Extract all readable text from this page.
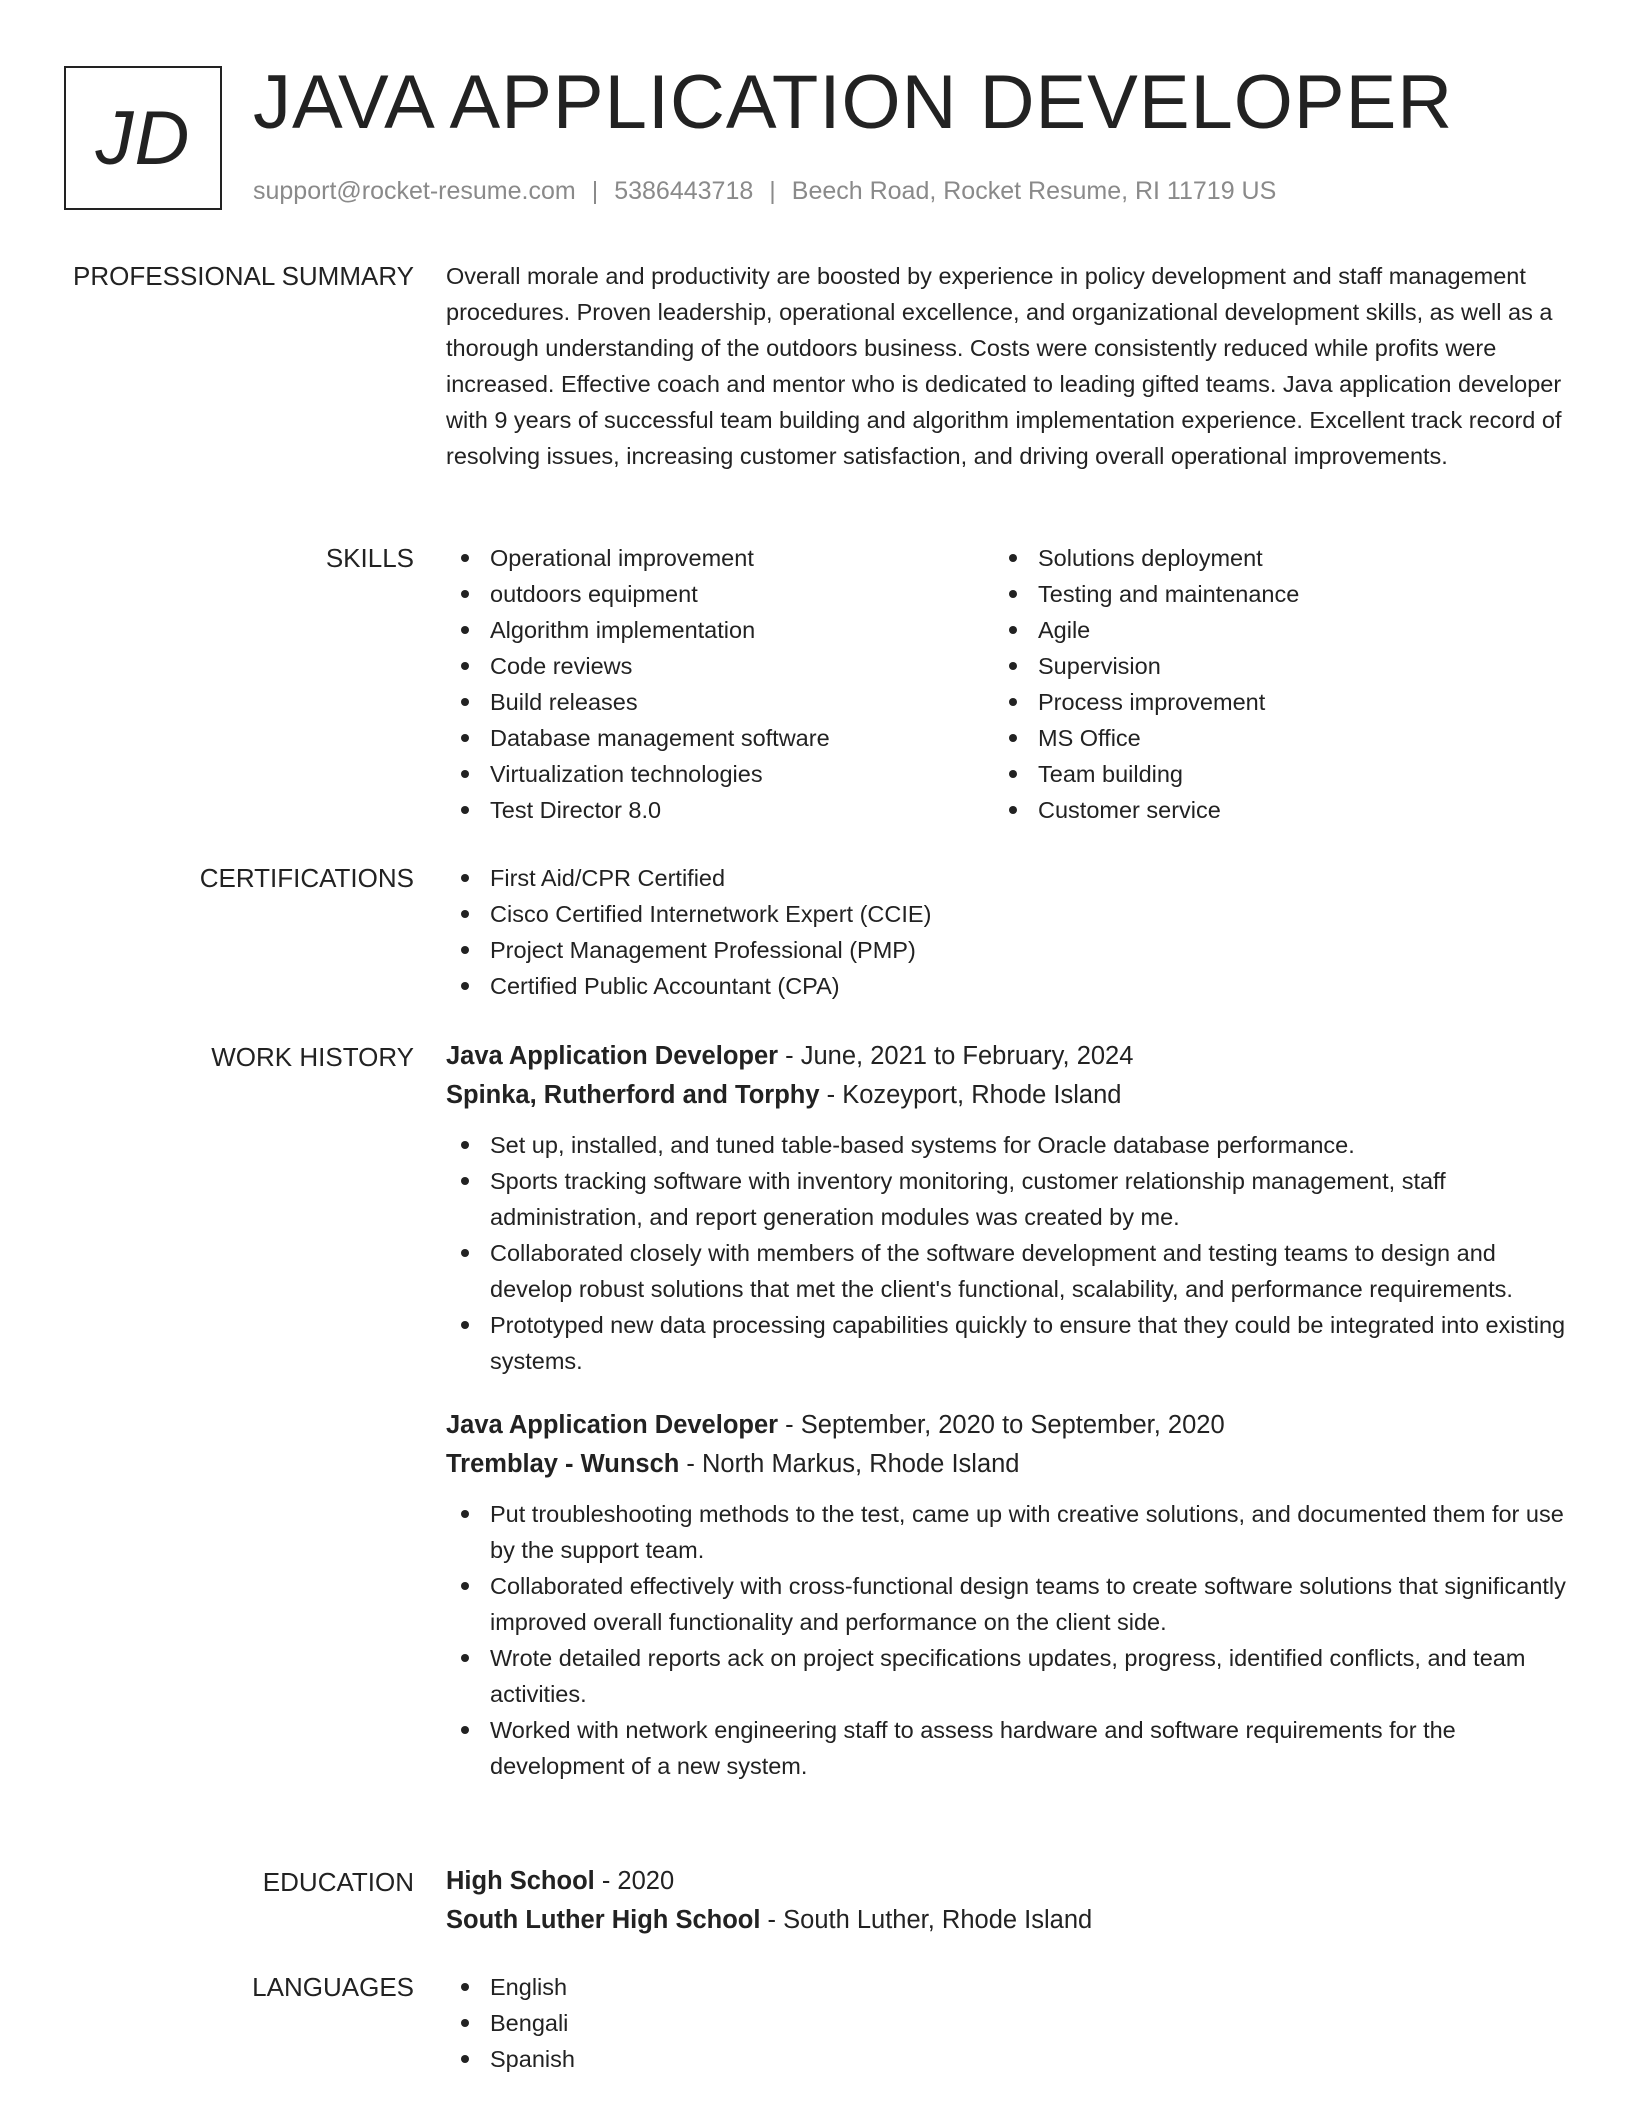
JD JAVA APPLICATION DEVELOPER
support@rocket-resume.com | 5386443718 | Beech Road, Rocket Resume, RI 11719 US
PROFESSIONAL SUMMARY Overall morale and productivity are boosted by experience in policy development and staff management procedures. Proven leadership, operational excellence, and organizational development skills, as well as a thorough understanding of the outdoors business. Costs were consistently reduced while profits were increased. Effective coach and mentor who is dedicated to leading gifted teams. Java application developer with 9 years of successful team building and algorithm implementation experience. Excellent track record of resolving issues, increasing customer satisfaction, and driving overall operational improvements.
SKILLS	Operational improvement
outdoors equipment
Algorithm implementation
Code reviews
Build releases
Database management software
Virtualization technologies
Test Director 8.0
Solutions deployment
Testing and maintenance
Agile
Supervision
Process improvement
MS Office
Team building
Customer service
CERTIFICATIONS	First Aid/CPR Certified
Cisco Certified Internetwork Expert (CCIE)
Project Management Professional (PMP)
Certified Public Accountant (CPA)
WORK HISTORY Java Application Developer - June, 2021 to February, 2024
Spinka, Rutherford and Torphy - Kozeyport, Rhode Island
Set up, installed, and tuned table-based systems for Oracle database performance.
Sports tracking software with inventory monitoring, customer relationship management, staff administration, and report generation modules was created by me.
Collaborated closely with members of the software development and testing teams to design and develop robust solutions that met the client's functional, scalability, and performance requirements.
Prototyped new data processing capabilities quickly to ensure that they could be integrated into existing systems.
Java Application Developer - September, 2020 to September, 2020
Tremblay - Wunsch - North Markus, Rhode Island
Put troubleshooting methods to the test, came up with creative solutions, and documented them for use by the support team.
Collaborated effectively with cross-functional design teams to create software solutions that significantly improved overall functionality and performance on the client side.
Wrote detailed reports ack on project specifications updates, progress, identified conflicts, and team activities.
Worked with network engineering staff to assess hardware and software requirements for the development of a new system.
EDUCATION High School - 2020
South Luther High School - South Luther, Rhode Island
LANGUAGES	English
Bengali
Spanish
